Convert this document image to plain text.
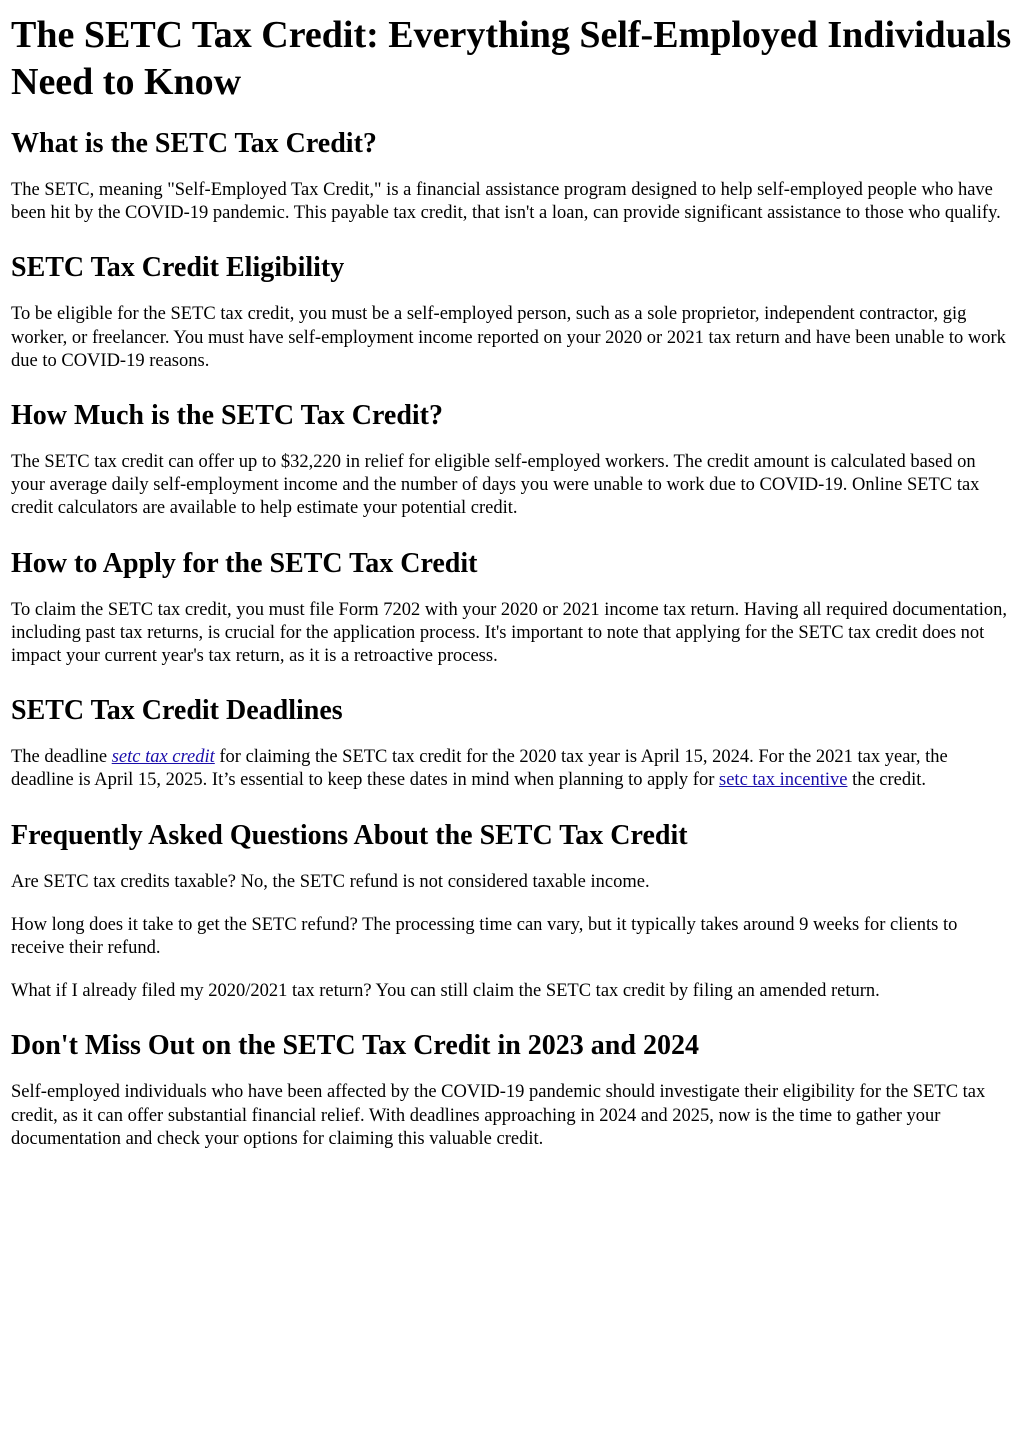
The SETC Tax Credit: Everything Self-Employed Individuals Need to Know
What is the SETC Tax Credit?

The SETC, meaning "Self-Employed Tax Credit," is a financial assistance program designed to help self-employed people who have been hit by the COVID-19 pandemic. This payable tax credit, that isn't a loan, can provide significant assistance to those who qualify.

SETC Tax Credit Eligibility

To be eligible for the SETC tax credit, you must be a self-employed person, such as a sole proprietor, independent contractor, gig worker, or freelancer. You must have self-employment income reported on your 2020 or 2021 tax return and have been unable to work due to COVID-19 reasons.

How Much is the SETC Tax Credit?

The SETC tax credit can offer up to $32,220 in relief for eligible self-employed workers. The credit amount is calculated based on your average daily self-employment income and the number of days you were unable to work due to COVID-19. Online SETC tax credit calculators are available to help estimate your potential credit.

How to Apply for the SETC Tax Credit

To claim the SETC tax credit, you must file Form 7202 with your 2020 or 2021 income tax return. Having all required documentation, including past tax returns, is crucial for the application process. It's important to note that applying for the SETC tax credit does not impact your current year's tax return, as it is a retroactive process.

SETC Tax Credit Deadlines

The deadline setc tax credit for claiming the SETC tax credit for the 2020 tax year is April 15, 2024. For the 2021 tax year, the deadline is April 15, 2025. It’s essential to keep these dates in mind when planning to apply for setc tax incentive the credit.

Frequently Asked Questions About the SETC Tax Credit

Are SETC tax credits taxable? No, the SETC refund is not considered taxable income.

How long does it take to get the SETC refund? The processing time can vary, but it typically takes around 9 weeks for clients to receive their refund.

What if I already filed my 2020/2021 tax return? You can still claim the SETC tax credit by filing an amended return.

Don't Miss Out on the SETC Tax Credit in 2023 and 2024

Self-employed individuals who have been affected by the COVID-19 pandemic should investigate their eligibility for the SETC tax credit, as it can offer substantial financial relief. With deadlines approaching in 2024 and 2025, now is the time to gather your documentation and check your options for claiming this valuable credit.
